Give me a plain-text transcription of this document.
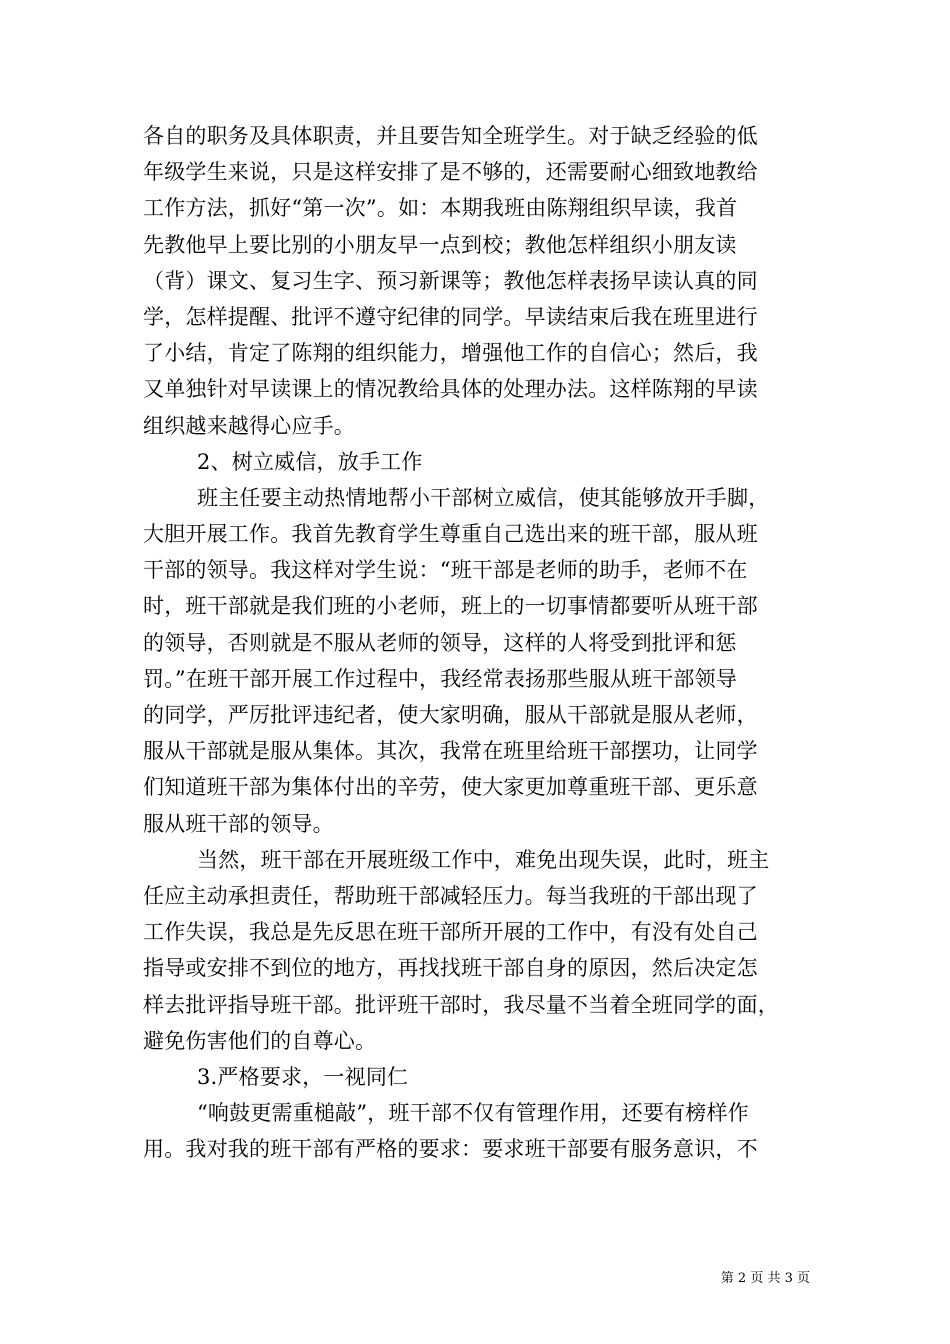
各自的职务及具体职责，并且要告知全班学生。对于缺乏经验的低
年级学生来说，只是这样安排了是不够的，还需要耐心细致地教给
工作方法，抓好“第一次”。如：本期我班由陈翔组织早读，我首
先教他早上要比别的小朋友早一点到校；教他怎样组织小朋友读
（背）课文、复习生字、预习新课等；教他怎样表扬早读认真的同
学，怎样提醒、批评不遵守纪律的同学。早读结束后我在班里进行
了小结，肯定了陈翔的组织能力，增强他工作的自信心；然后，我
又单独针对早读课上的情况教给具体的处理办法。这样陈翔的早读
组织越来越得心应手。
2、树立威信，放手工作
班主任要主动热情地帮小干部树立威信，使其能够放开手脚，
大胆开展工作。我首先教育学生尊重自己选出来的班干部，服从班
干部的领导。我这样对学生说：“班干部是老师的助手，老师不在
时，班干部就是我们班的小老师，班上的一切事情都要听从班干部
的领导，否则就是不服从老师的领导，这样的人将受到批评和惩
罚。”在班干部开展工作过程中，我经常表扬那些服从班干部领导
的同学，严厉批评违纪者，使大家明确，服从干部就是服从老师，
服从干部就是服从集体。其次，我常在班里给班干部摆功，让同学
们知道班干部为集体付出的辛劳，使大家更加尊重班干部、更乐意
服从班干部的领导。
当然，班干部在开展班级工作中，难免出现失误，此时，班主
任应主动承担责任，帮助班干部减轻压力。每当我班的干部出现了
工作失误，我总是先反思在班干部所开展的工作中，有没有处自己
指导或安排不到位的地方，再找找班干部自身的原因，然后决定怎
样去批评指导班干部。批评班干部时，我尽量不当着全班同学的面，
避免伤害他们的自尊心。
3.严格要求，一视同仁
“响鼓更需重槌敲”，班干部不仅有管理作用，还要有榜样作
用。我对我的班干部有严格的要求：要求班干部要有服务意识，不
第 2 页 共 3 页
